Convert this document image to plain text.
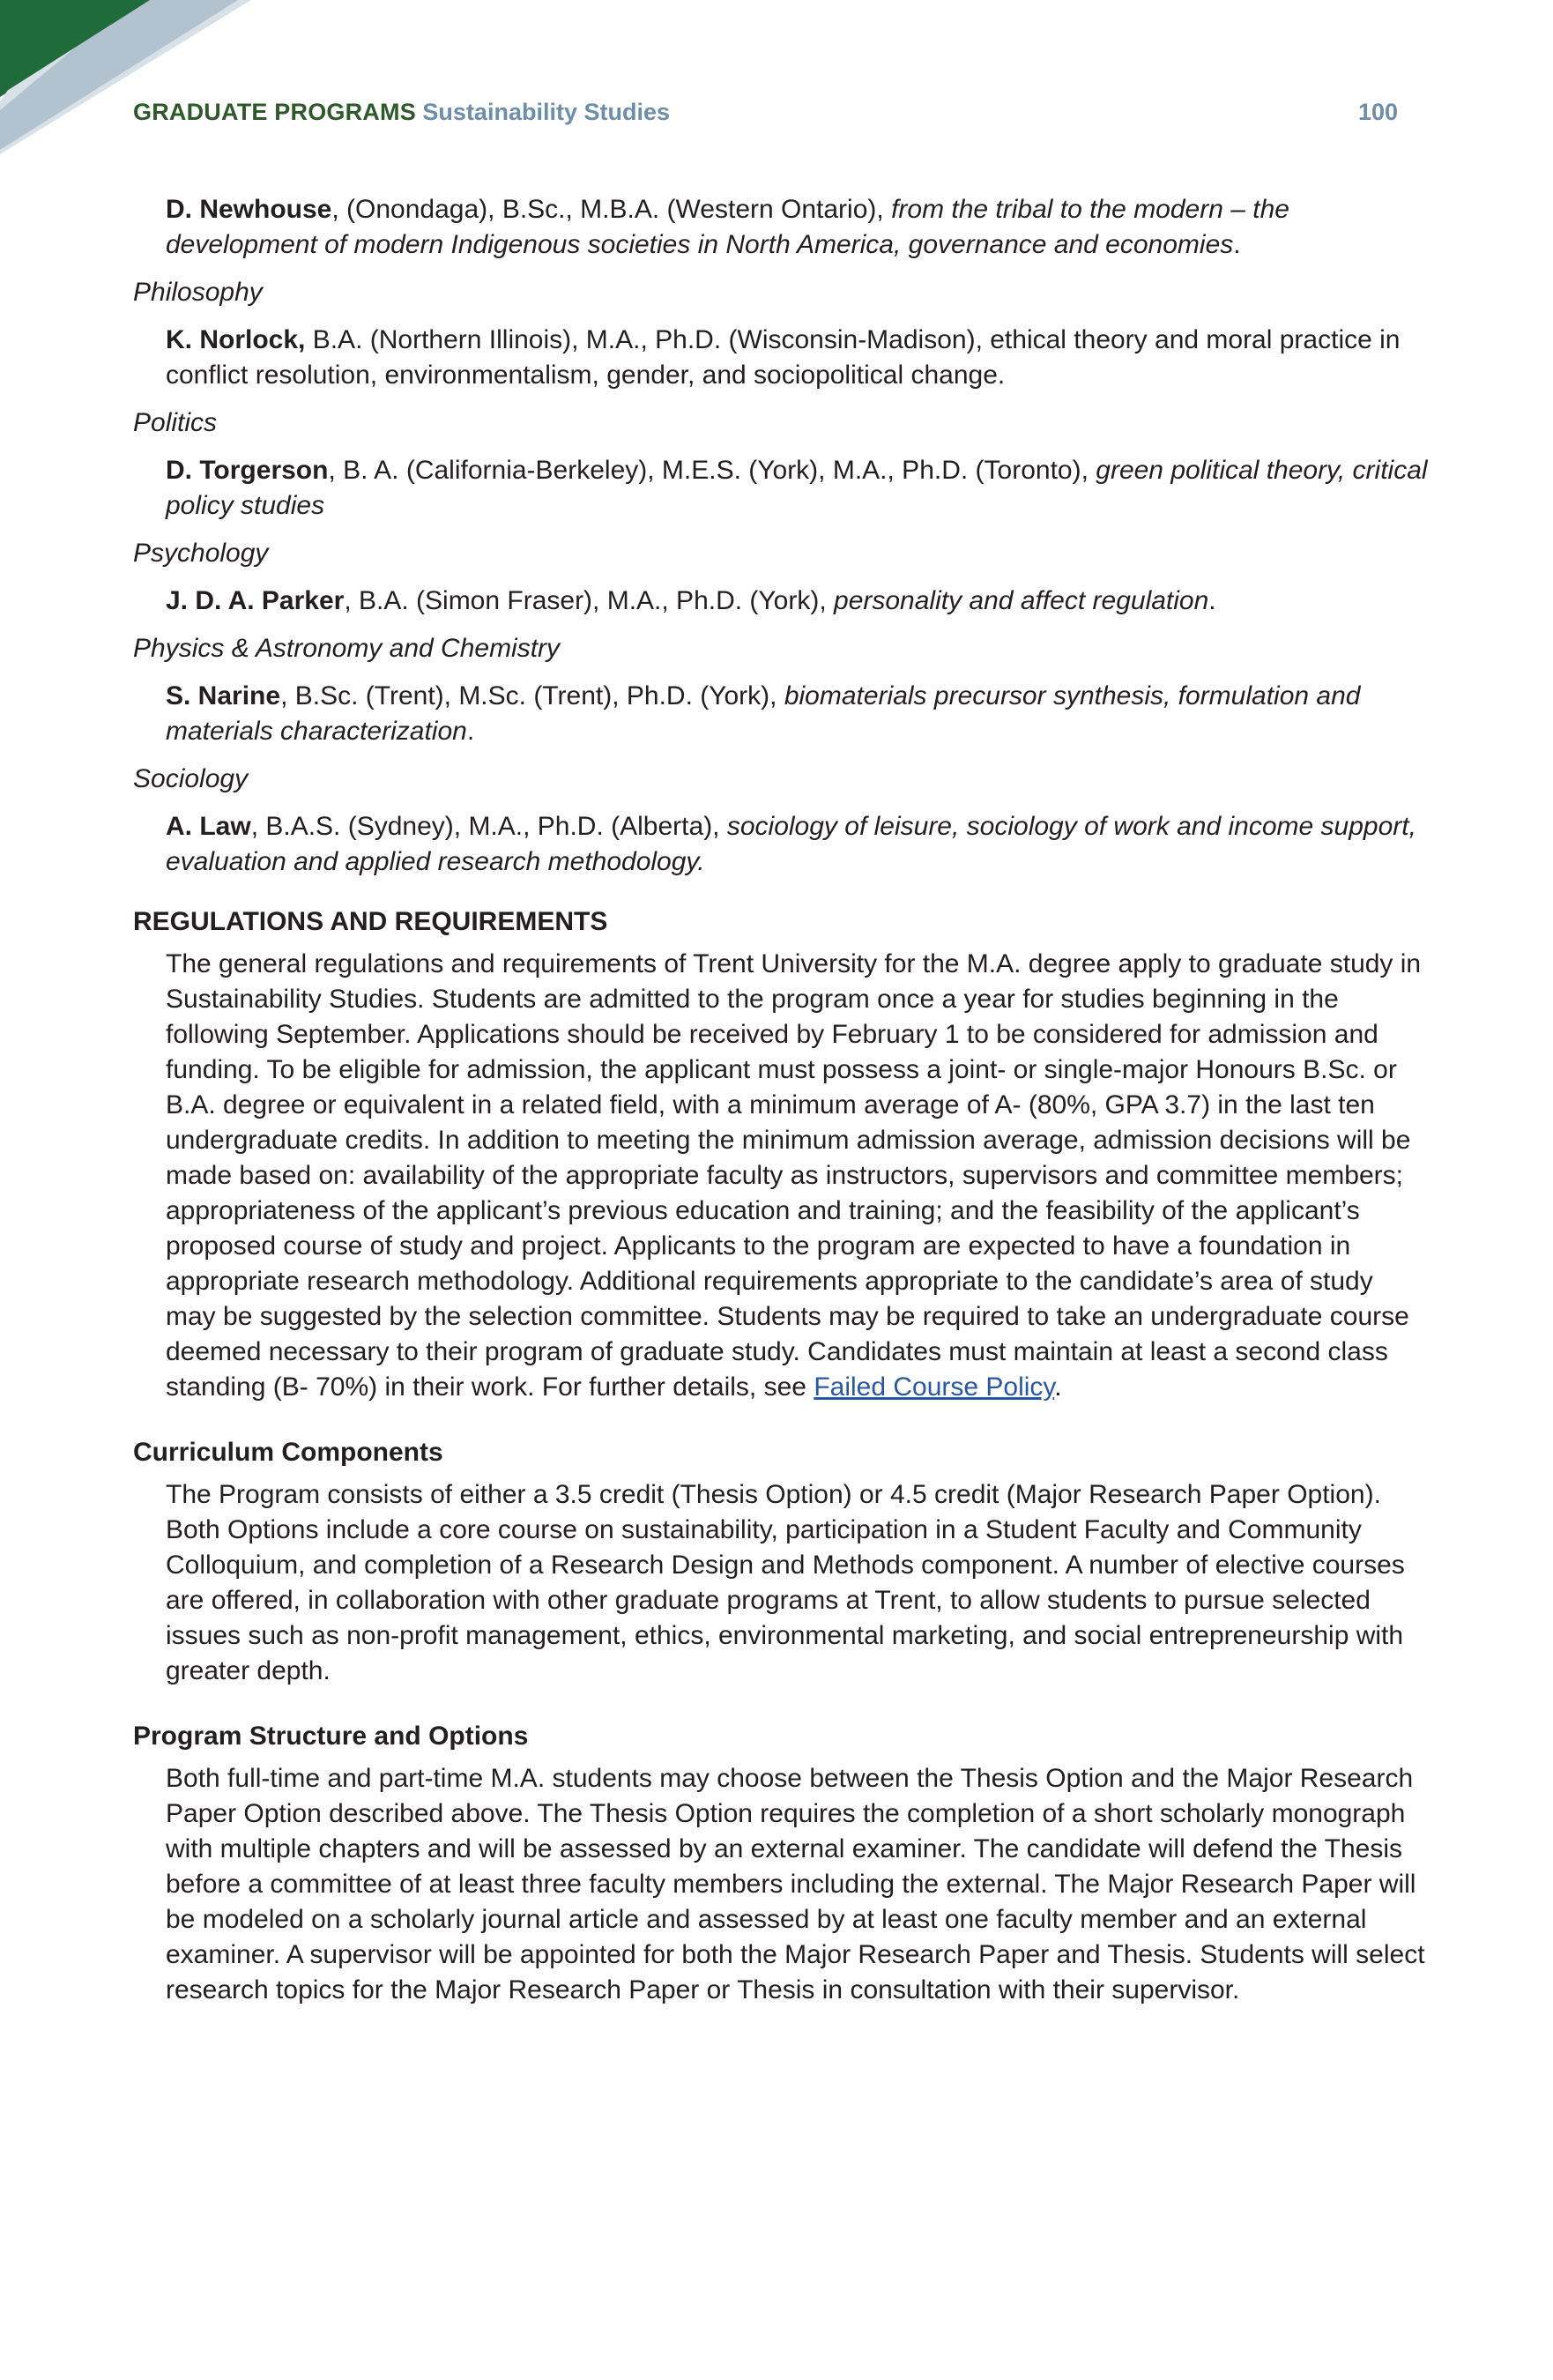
GRADUATE PROGRAMS Sustainability Studies	100
D. Newhouse, (Onondaga), B.Sc., M.B.A. (Western Ontario), from the tribal to the modern – the development of modern Indigenous societies in North America, governance and economies.
Philosophy
K. Norlock, B.A. (Northern Illinois), M.A., Ph.D. (Wisconsin-Madison), ethical theory and moral practice in conflict resolution, environmentalism, gender, and sociopolitical change.
Politics
D. Torgerson, B. A. (California-Berkeley), M.E.S. (York), M.A., Ph.D. (Toronto), green political theory, critical policy studies
Psychology
J. D. A. Parker, B.A. (Simon Fraser), M.A., Ph.D. (York), personality and affect regulation.
Physics & Astronomy and Chemistry
S. Narine, B.Sc. (Trent), M.Sc. (Trent), Ph.D. (York), biomaterials precursor synthesis, formulation and materials characterization.
Sociology
A. Law, B.A.S. (Sydney), M.A., Ph.D. (Alberta), sociology of leisure, sociology of work and income support, evaluation and applied research methodology.
REGULATIONS AND REQUIREMENTS
The general regulations and requirements of Trent University for the M.A. degree apply to graduate study in Sustainability Studies. Students are admitted to the program once a year for studies beginning in the following September. Applications should be received by February 1 to be considered for admission and funding. To be eligible for admission, the applicant must possess a joint- or single-major Honours B.Sc. or B.A. degree or equivalent in a related field, with a minimum average of A- (80%, GPA 3.7) in the last ten undergraduate credits. In addition to meeting the minimum admission average, admission decisions will be made based on: availability of the appropriate faculty as instructors, supervisors and committee members; appropriateness of the applicant’s previous education and training; and the feasibility of the applicant’s proposed course of study and project. Applicants to the program are expected to have a foundation in appropriate research methodology. Additional requirements appropriate to the candidate’s area of study may be suggested by the selection committee. Students may be required to take an undergraduate course deemed necessary to their program of graduate study. Candidates must maintain at least a second class standing (B- 70%) in their work. For further details, see Failed Course Policy.
Curriculum Components
The Program consists of either a 3.5 credit (Thesis Option) or 4.5 credit (Major Research Paper Option). Both Options include a core course on sustainability, participation in a Student Faculty and Community Colloquium, and completion of a Research Design and Methods component. A number of elective courses are offered, in collaboration with other graduate programs at Trent, to allow students to pursue selected issues such as non-profit management, ethics, environmental marketing, and social entrepreneurship with greater depth.
Program Structure and Options
Both full-time and part-time M.A. students may choose between the Thesis Option and the Major Research Paper Option described above. The Thesis Option requires the completion of a short scholarly monograph with multiple chapters and will be assessed by an external examiner. The candidate will defend the Thesis before a committee of at least three faculty members including the external. The Major Research Paper will be modeled on a scholarly journal article and assessed by at least one faculty member and an external examiner. A supervisor will be appointed for both the Major Research Paper and Thesis. Students will select research topics for the Major Research Paper or Thesis in consultation with their supervisor.
